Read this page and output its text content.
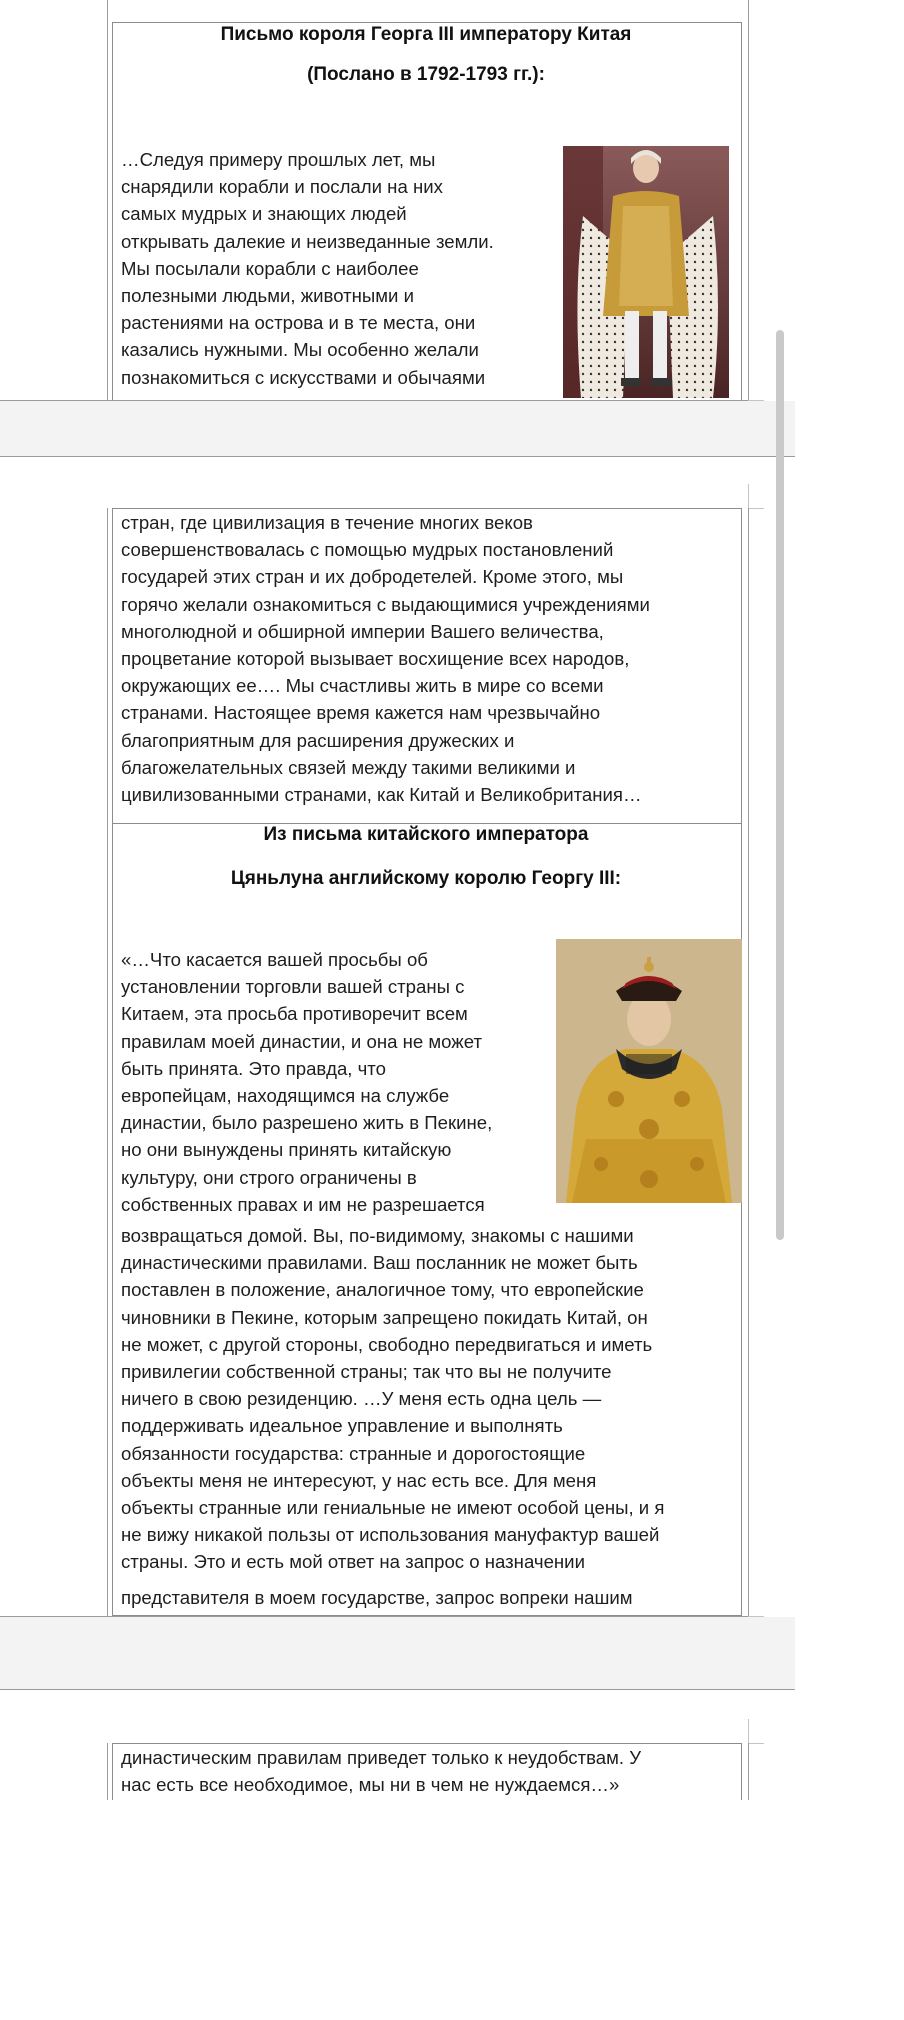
Письмо короля Георга III императору Китая
(Послано в 1792-1793 гг.):
…Следуя примеру прошлых лет, мы
снарядили корабли и послали на них
самых мудрых и знающих людей
открывать далекие и неизведанные земли.
Мы посылали корабли с наиболее
полезными людьми, животными и
растениями на острова и в те места, они
казались нужными. Мы особенно желали
познакомиться с искусствами и обычаями
стран, где цивилизация в течение многих веков
совершенствовалась с помощью мудрых постановлений
государей этих стран и их добродетелей. Кроме этого, мы
горячо желали ознакомиться с выдающимися учреждениями
многолюдной и обширной империи Вашего величества,
процветание которой вызывает восхищение всех народов,
окружающих ее…. Мы счастливы жить в мире со всеми
странами. Настоящее время кажется нам чрезвычайно
благоприятным для расширения дружеских и
благожелательных связей между такими великими и
цивилизованными странами, как Китай и Великобритания…
Из письма китайского императора
Цяньлуна английскому королю Георгу III:
«…Что касается вашей просьбы об
установлении торговли вашей страны с
Китаем, эта просьба противоречит всем
правилам моей династии, и она не может
быть принята. Это правда, что
европейцам, находящимся на службе
династии, было разрешено жить в Пекине,
но они вынуждены принять китайскую
культуру, они строго ограничены в
собственных правах и им не разрешается
возвращаться домой. Вы, по-видимому, знакомы с нашими
династическими правилами. Ваш посланник не может быть
поставлен в положение, аналогичное тому, что европейские
чиновники в Пекине, которым запрещено покидать Китай, он
не может, с другой стороны, свободно передвигаться и иметь
привилегии собственной страны; так что вы не получите
ничего в свою резиденцию. …У меня есть одна цель —
поддерживать идеальное управление и выполнять
обязанности государства: странные и дорогостоящие
объекты меня не интересуют, у нас есть все. Для меня
объекты странные или гениальные не имеют особой цены, и я
не вижу никакой пользы от использования мануфактур вашей
страны. Это и есть мой ответ на запрос о назначении
представителя в моем государстве, запрос вопреки нашим
династическим правилам приведет только к неудобствам. У
нас есть все необходимое, мы ни в чем не нуждаемся…»
